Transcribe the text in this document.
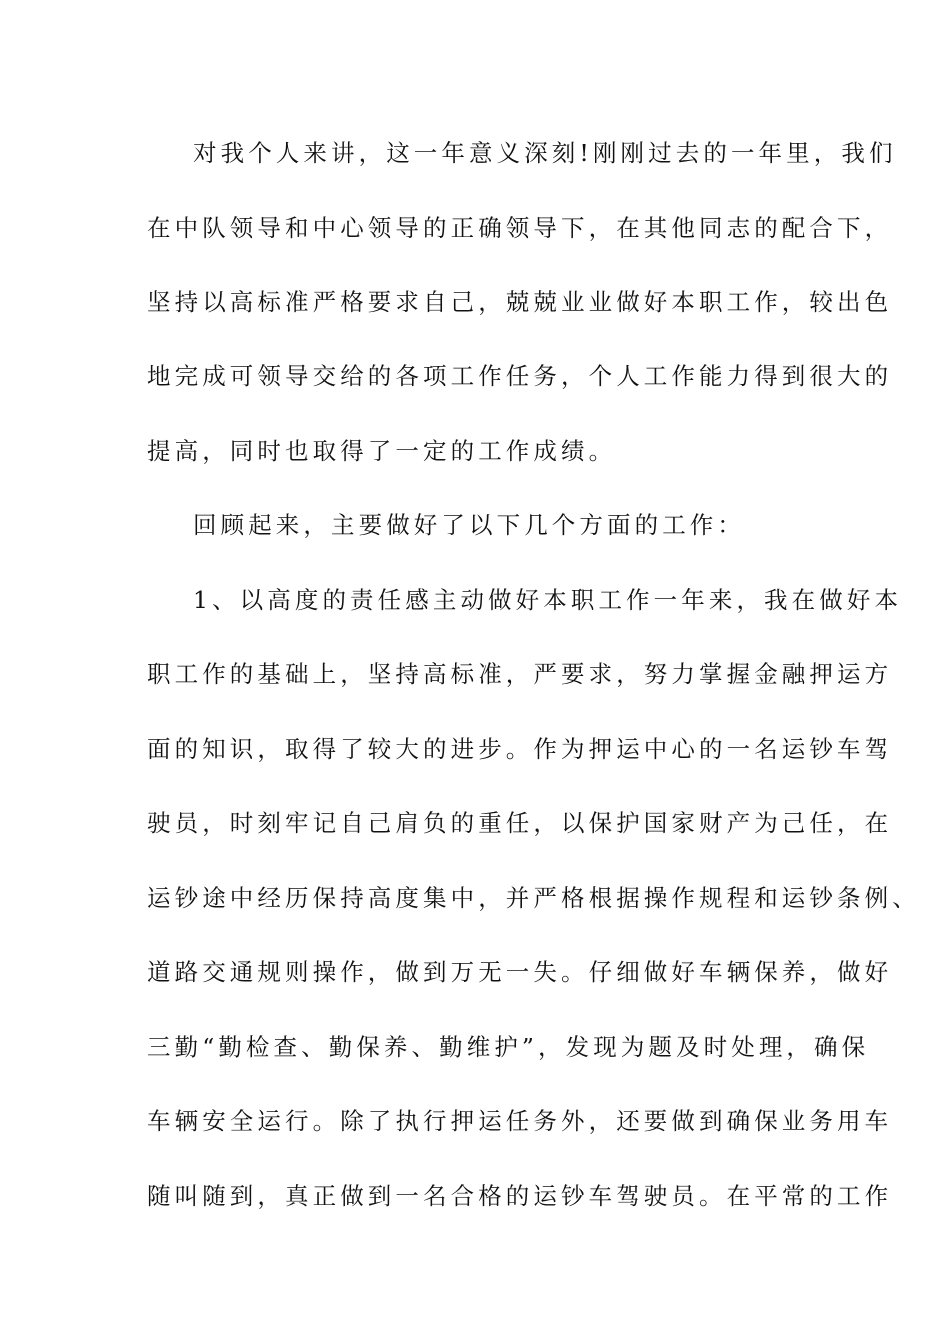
对我个人来讲，这一年意义深刻!刚刚过去的一年里，我们
在中队领导和中心领导的正确领导下，在其他同志的配合下，
坚持以高标准严格要求自己，兢兢业业做好本职工作，较出色
地完成可领导交给的各项工作任务，个人工作能力得到很大的
提高，同时也取得了一定的工作成绩。
回顾起来，主要做好了以下几个方面的工作：
1、以高度的责任感主动做好本职工作一年来，我在做好本
职工作的基础上，坚持高标准，严要求，努力掌握金融押运方
面的知识，取得了较大的进步。作为押运中心的一名运钞车驾
驶员，时刻牢记自己肩负的重任，以保护国家财产为己任，在
运钞途中经历保持高度集中，并严格根据操作规程和运钞条例、
道路交通规则操作，做到万无一失。仔细做好车辆保养，做好
三勤“勤检查、勤保养、勤维护”，发现为题及时处理，确保
车辆安全运行。除了执行押运任务外，还要做到确保业务用车
随叫随到，真正做到一名合格的运钞车驾驶员。在平常的工作
